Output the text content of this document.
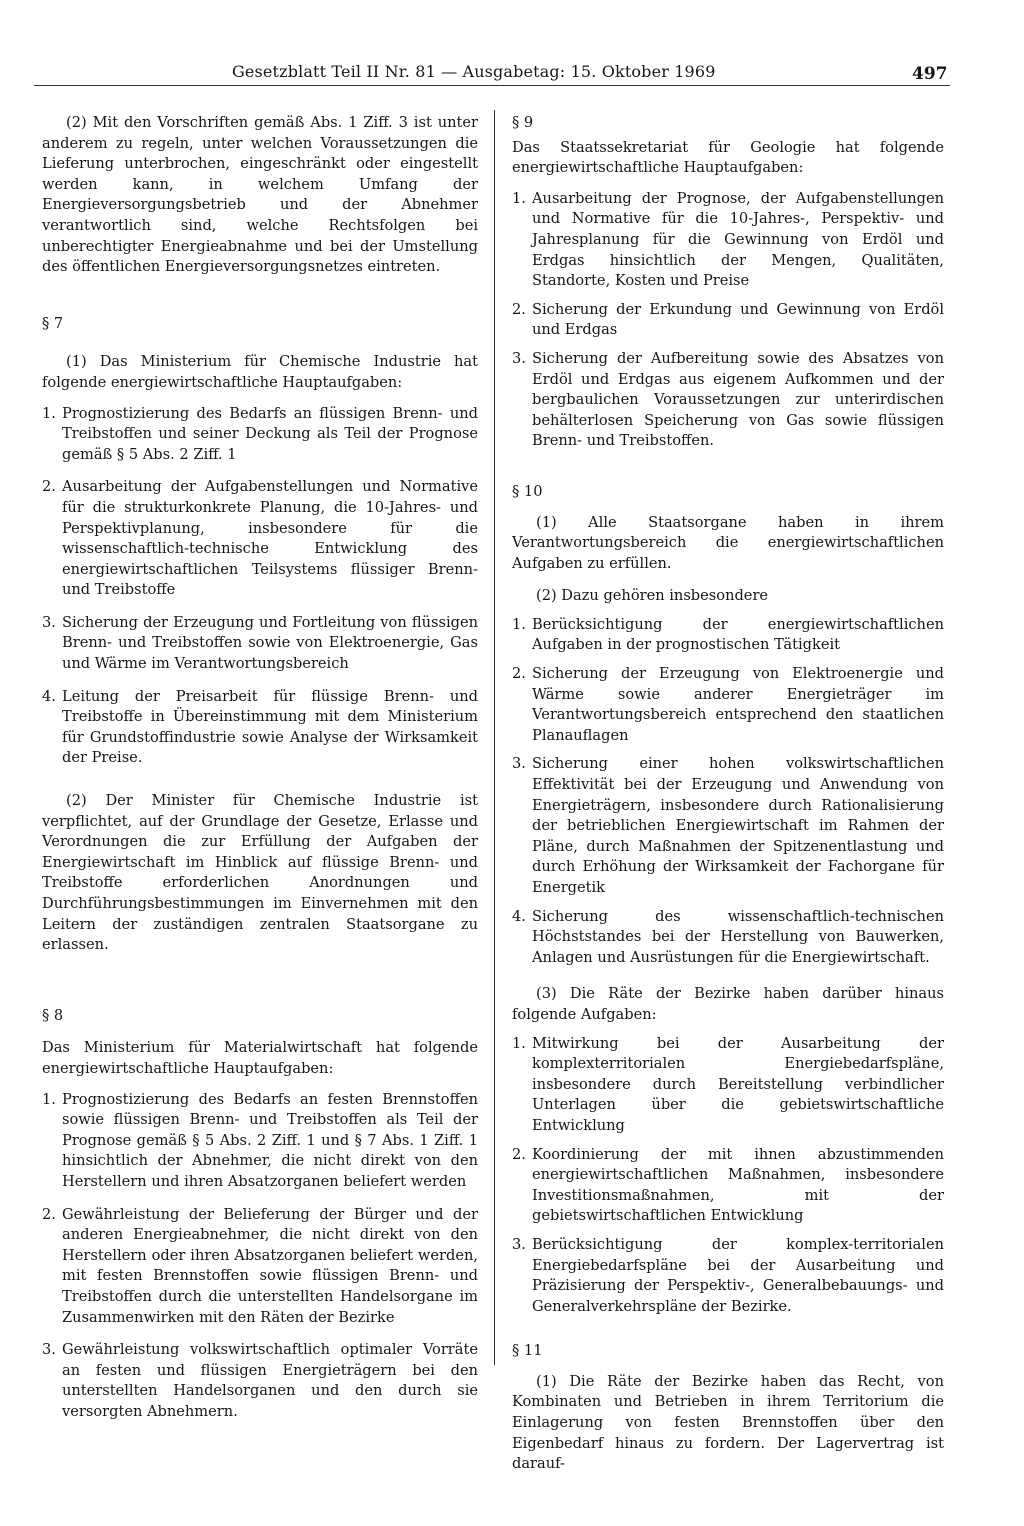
Gesetzblatt Teil II Nr. 81 — Ausgabetag: 15. Oktober 1969	497

(2) Mit den Vorschriften gemäß Abs. 1 Ziff. 3 ist unter anderem zu regeln, unter welchen Voraussetzungen die Lieferung unterbrochen, eingeschränkt oder eingestellt werden kann, in welchem Umfang der Energieversorgungsbetrieb und der Abnehmer verantwortlich sind, welche Rechtsfolgen bei unberechtigter Energieabnahme und bei der Umstellung des öffentlichen Energieversorgungsnetzes eintreten.

§ 7

(1) Das Ministerium für Chemische Industrie hat folgende energiewirtschaftliche Hauptaufgaben:

1. Prognostizierung des Bedarfs an flüssigen Brenn- und Treibstoffen und seiner Deckung als Teil der Prognose gemäß § 5 Abs. 2 Ziff. 1
2. Ausarbeitung der Aufgabenstellungen und Normative für die strukturkonkrete Planung, die 10-Jahres- und Perspektivplanung, insbesondere für die wissenschaftlich-technische Entwicklung des energiewirtschaftlichen Teilsystems flüssiger Brenn- und Treibstoffe
3. Sicherung der Erzeugung und Fortleitung von flüssigen Brenn- und Treibstoffen sowie von Elektroenergie, Gas und Wärme im Verantwortungsbereich
4. Leitung der Preisarbeit für flüssige Brenn- und Treibstoffe in Übereinstimmung mit dem Ministerium für Grundstoffindustrie sowie Analyse der Wirksamkeit der Preise.

(2) Der Minister für Chemische Industrie ist verpflichtet, auf der Grundlage der Gesetze, Erlasse und Verordnungen die zur Erfüllung der Aufgaben der Energiewirtschaft im Hinblick auf flüssige Brenn- und Treibstoffe erforderlichen Anordnungen und Durchführungsbestimmungen im Einvernehmen mit den Leitern der zuständigen zentralen Staatsorgane zu erlassen.

§ 8

Das Ministerium für Materialwirtschaft hat folgende energiewirtschaftliche Hauptaufgaben:

1. Prognostizierung des Bedarfs an festen Brennstoffen sowie flüssigen Brenn- und Treibstoffen als Teil der Prognose gemäß § 5 Abs. 2 Ziff. 1 und § 7 Abs. 1 Ziff. 1 hinsichtlich der Abnehmer, die nicht direkt von den Herstellern und ihren Absatzorganen beliefert werden
2. Gewährleistung der Belieferung der Bürger und der anderen Energieabnehmer, die nicht direkt von den Herstellern oder ihren Absatzorganen beliefert werden, mit festen Brennstoffen sowie flüssigen Brenn- und Treibstoffen durch die unterstellten Handelsorgane im Zusammenwirken mit den Räten der Bezirke
3. Gewährleistung volkswirtschaftlich optimaler Vorräte an festen und flüssigen Energieträgern bei den unterstellten Handelsorganen und den durch sie versorgten Abnehmern.

§ 9

Das Staatssekretariat für Geologie hat folgende energiewirtschaftliche Hauptaufgaben:

1. Ausarbeitung der Prognose, der Aufgabenstellungen und Normative für die 10-Jahres-, Perspektiv- und Jahresplanung für die Gewinnung von Erdöl und Erdgas hinsichtlich der Mengen, Qualitäten, Standorte, Kosten und Preise
2. Sicherung der Erkundung und Gewinnung von Erdöl und Erdgas
3. Sicherung der Aufbereitung sowie des Absatzes von Erdöl und Erdgas aus eigenem Aufkommen und der bergbaulichen Voraussetzungen zur unterirdischen behälterlosen Speicherung von Gas sowie flüssigen Brenn- und Treibstoffen.

§ 10

(1) Alle Staatsorgane haben in ihrem Verantwortungsbereich die energiewirtschaftlichen Aufgaben zu erfüllen.

(2) Dazu gehören insbesondere

1. Berücksichtigung der energiewirtschaftlichen Aufgaben in der prognostischen Tätigkeit
2. Sicherung der Erzeugung von Elektroenergie und Wärme sowie anderer Energieträger im Verantwortungsbereich entsprechend den staatlichen Planauflagen
3. Sicherung einer hohen volkswirtschaftlichen Effektivität bei der Erzeugung und Anwendung von Energieträgern, insbesondere durch Rationalisierung der betrieblichen Energiewirtschaft im Rahmen der Pläne, durch Maßnahmen der Spitzenentlastung und durch Erhöhung der Wirksamkeit der Fachorgane für Energetik
4. Sicherung des wissenschaftlich-technischen Höchststandes bei der Herstellung von Bauwerken, Anlagen und Ausrüstungen für die Energiewirtschaft.

(3) Die Räte der Bezirke haben darüber hinaus folgende Aufgaben:

1. Mitwirkung bei der Ausarbeitung der komplexterritorialen Energiebedarfspläne, insbesondere durch Bereitstellung verbindlicher Unterlagen über die gebietswirtschaftliche Entwicklung
2. Koordinierung der mit ihnen abzustimmenden energiewirtschaftlichen Maßnahmen, insbesondere Investitionsmaßnahmen, mit der gebietswirtschaftlichen Entwicklung
3. Berücksichtigung der komplex-territorialen Energiebedarfspläne bei der Ausarbeitung und Präzisierung der Perspektiv-, Generalbebauungs- und Generalverkehrspläne der Bezirke.

§ 11

(1) Die Räte der Bezirke haben das Recht, von Kombinaten und Betrieben in ihrem Territorium die Einlagerung von festen Brennstoffen über den Eigenbedarf hinaus zu fordern. Der Lagervertrag ist darauf-
